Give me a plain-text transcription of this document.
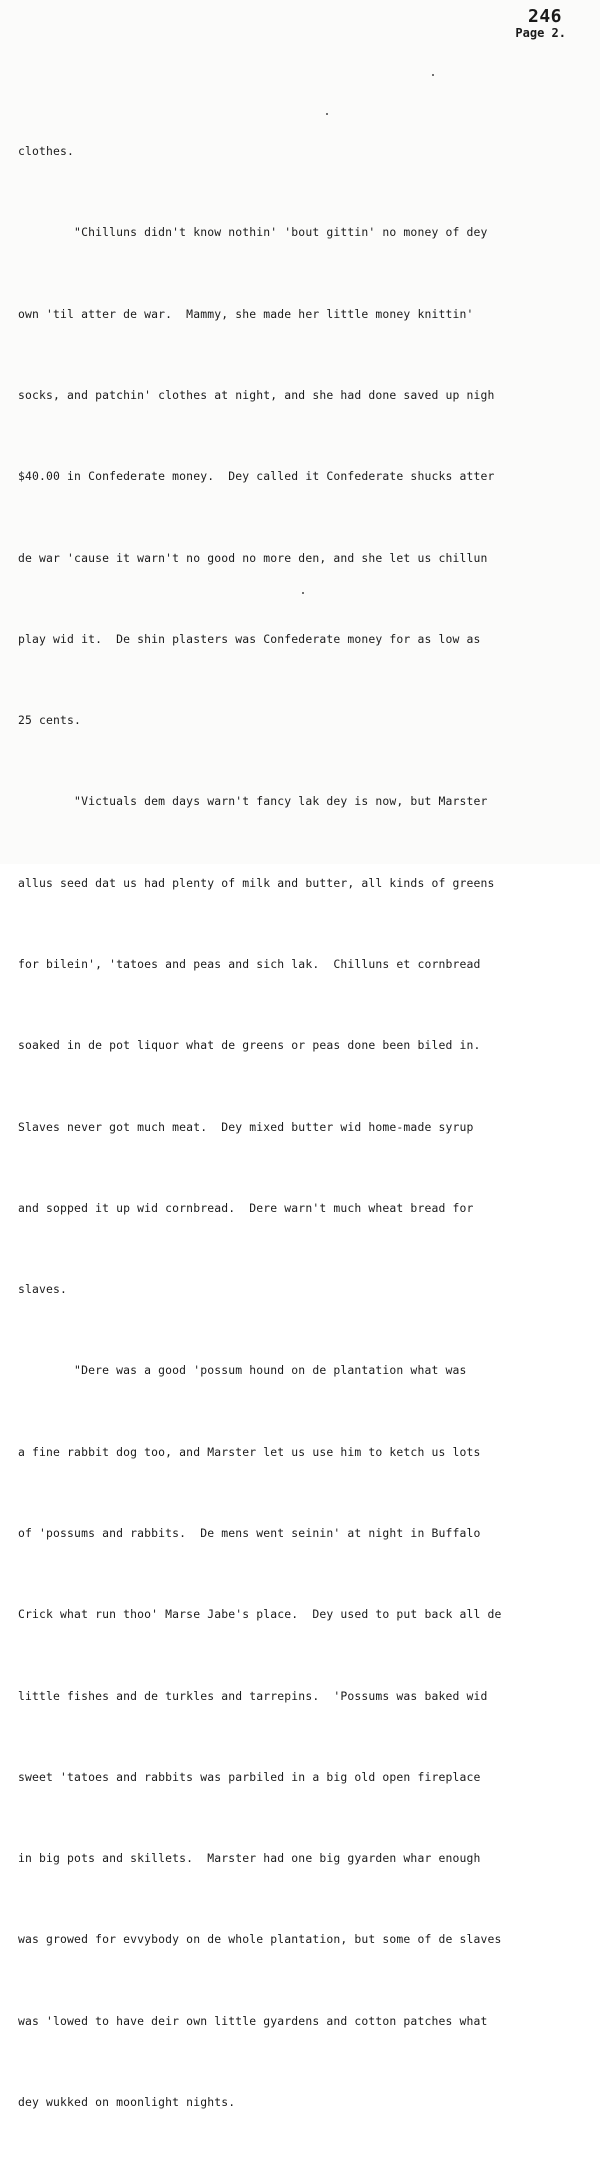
246
Page 2.

clothes.

"Chilluns didn't know nothin' 'bout gittin' no money of dey

own 'til atter de war.  Mammy, she made her little money knittin'

socks, and patchin' clothes at night, and she had done saved up nigh

$40.00 in Confederate money.  Dey called it Confederate shucks atter

de war 'cause it warn't no good no more den, and she let us chillun

play wid it.  De shin plasters was Confederate money for as low as

25 cents.

"Victuals dem days warn't fancy lak dey is now, but Marster

allus seed dat us had plenty of milk and butter, all kinds of greens

for bilein', 'tatoes and peas and sich lak.  Chilluns et cornbread

soaked in de pot liquor what de greens or peas done been biled in.

Slaves never got much meat.  Dey mixed butter wid home-made syrup

and sopped it up wid cornbread.  Dere warn't much wheat bread for

slaves.

"Dere was a good 'possum hound on de plantation what was

a fine rabbit dog too, and Marster let us use him to ketch us lots

of 'possums and rabbits.  De mens went seinin' at night in Buffalo

Crick what run thoo' Marse Jabe's place.  Dey used to put back all de

little fishes and de turkles and tarrepins.  'Possums was baked wid

sweet 'tatoes and rabbits was parbiled in a big old open fireplace

in big pots and skillets.  Marster had one big gyarden whar enough

was growed for evvybody on de whole plantation, but some of de slaves

was 'lowed to have deir own little gyardens and cotton patches what

dey wukked on moonlight nights.
